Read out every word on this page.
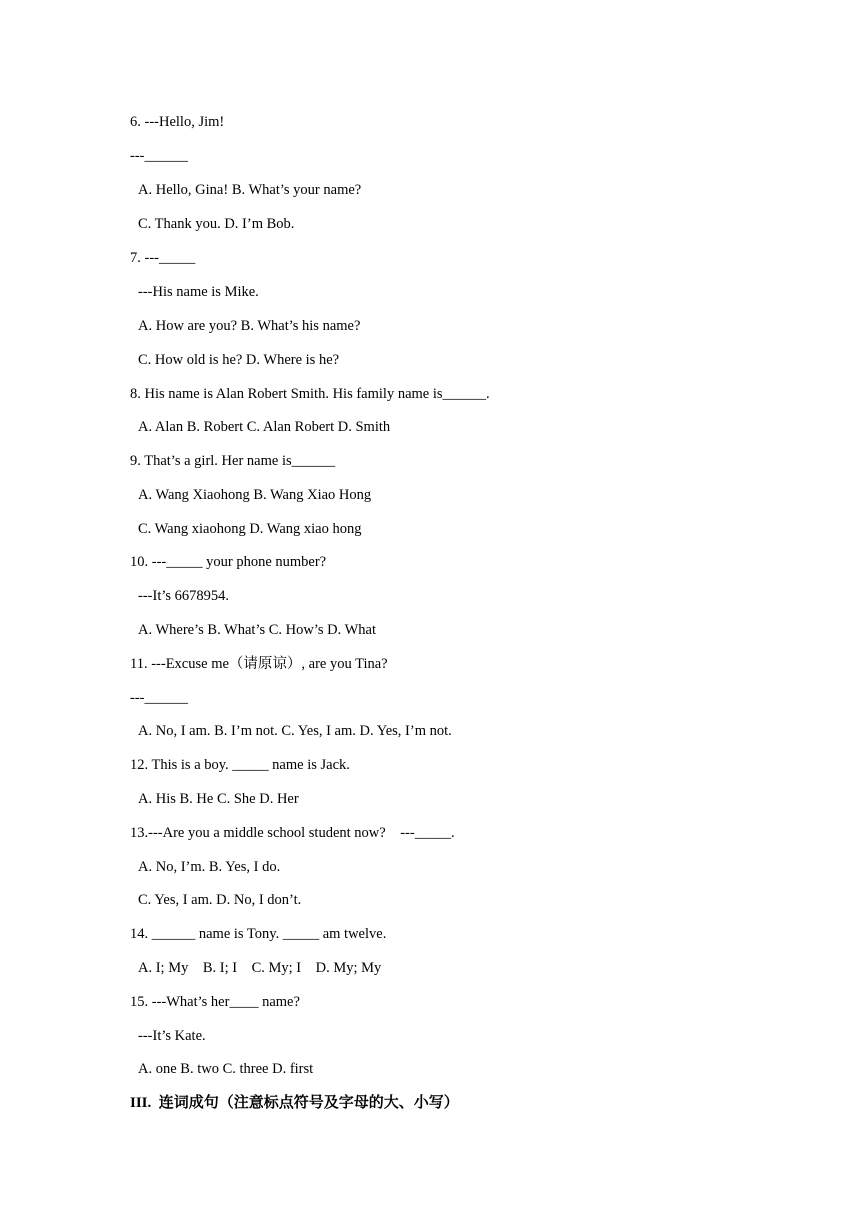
6. ---Hello, Jim!
---______
A. Hello, Gina! B. What’s your name?
C. Thank you. D. I’m Bob.
7. ---_____
---His name is Mike.
A. How are you? B. What’s his name?
C. How old is he? D. Where is he?
8. His name is Alan Robert Smith. His family name is______.
A. Alan B. Robert C. Alan Robert D. Smith
9. That’s a girl. Her name is______
A. Wang Xiaohong B. Wang Xiao Hong
C. Wang xiaohong D. Wang xiao hong
10. ---_____ your phone number?
---It’s 6678954.
A. Where’s B. What’s C. How’s D. What
11. ---Excuse me（请原谅）, are you Tina?
---______
A. No, I am. B. I’m not. C. Yes, I am. D. Yes, I’m not.
12. This is a boy. _____ name is Jack.
A. His B. He C. She D. Her
13.---Are you a middle school student now?    ---_____.
A. No, I’m. B. Yes, I do.
C. Yes, I am. D. No, I don’t.
14. ______ name is Tony. _____ am twelve.
A. I; My    B. I; I    C. My; I    D. My; My
15. ---What’s her____ name?
---It’s Kate.
A. one B. two C. three D. first
III.  连词成句（注意标点符号及字母的大、小写）
